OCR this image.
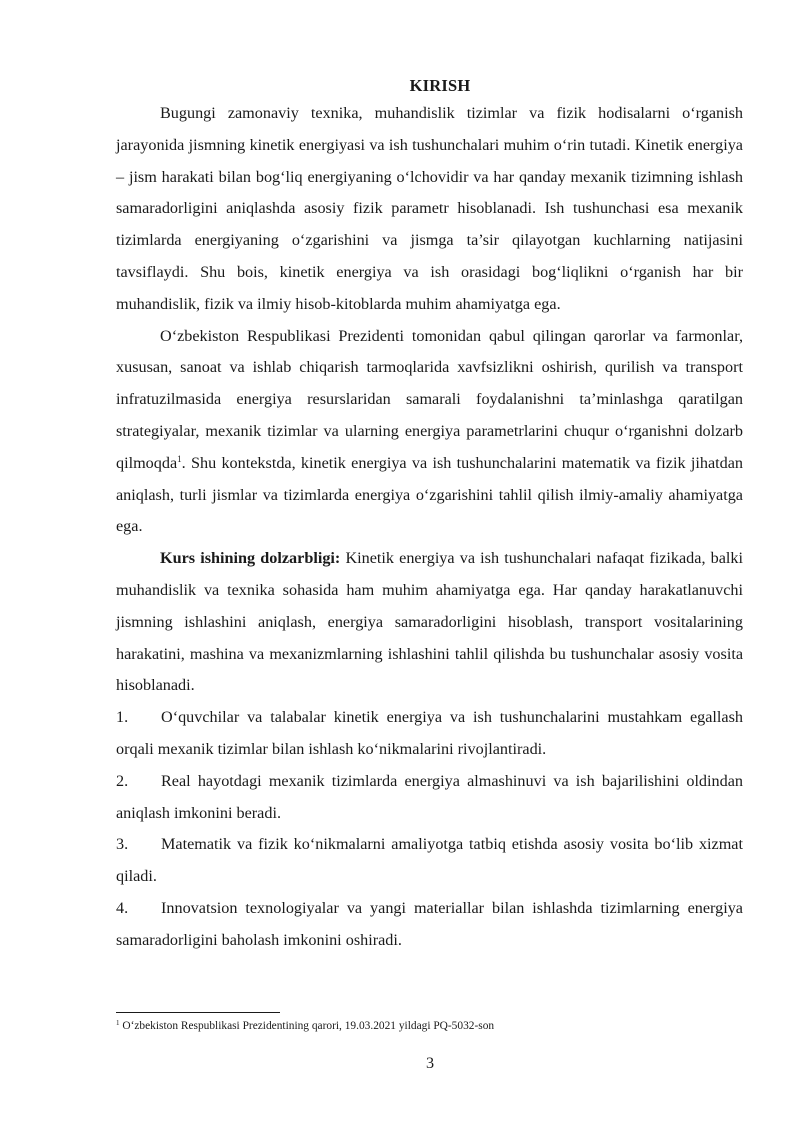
KIRISH

Bugungi zamonaviy texnika, muhandislik tizimlar va fizik hodisalarni o‘rganish jarayonida jismning kinetik energiyasi va ish tushunchalari muhim o‘rin tutadi. Kinetik energiya – jism harakati bilan bog‘liq energiyaning o‘lchovidir va har qanday mexanik tizimning ishlash samaradorligini aniqlashda asosiy fizik parametr hisoblanadi. Ish tushunchasi esa mexanik tizimlarda energiyaning o‘zgarishini va jismga ta’sir qilayotgan kuchlarning natijasini tavsiflaydi. Shu bois, kinetik energiya va ish orasidagi bog‘liqlikni o‘rganish har bir muhandislik, fizik va ilmiy hisob-kitoblarda muhim ahamiyatga ega.

O‘zbekiston Respublikasi Prezidenti tomonidan qabul qilingan qarorlar va farmonlar, xususan, sanoat va ishlab chiqarish tarmoqlarida xavfsizlikni oshirish, qurilish va transport infratuzilmasida energiya resurslaridan samarali foydalanishni ta’minlashga qaratilgan strategiyalar, mexanik tizimlar va ularning energiya parametrlarini chuqur o‘rganishni dolzarb qilmoqda$^1$. Shu kontekstda, kinetik energiya va ish tushunchalarini matematik va fizik jihatdan aniqlash, turli jismlar va tizimlarda energiya o‘zgarishini tahlil qilish ilmiy-amaliy ahamiyatga ega.

Kurs ishining dolzarbligi: Kinetik energiya va ish tushunchalari nafaqat fizikada, balki muhandislik va texnika sohasida ham muhim ahamiyatga ega. Har qanday harakatlanuvchi jismning ishlashini aniqlash, energiya samaradorligini hisoblash, transport vositalarining harakatini, mashina va mexanizmlarning ishlashini tahlil qilishda bu tushunchalar asosiy vosita hisoblanadi.

1. O‘quvchilar va talabalar kinetik energiya va ish tushunchalarini mustahkam egallash orqali mexanik tizimlar bilan ishlash ko‘nikmalarini rivojlantiradi.

2. Real hayotdagi mexanik tizimlarda energiya almashinuvi va ish bajarilishini oldindan aniqlash imkonini beradi.

3. Matematik va fizik ko‘nikmalarni amaliyotga tatbiq etishda asosiy vosita bo‘lib xizmat qiladi.

4. Innovatsion texnologiyalar va yangi materiallar bilan ishlashda tizimlarning energiya samaradorligini baholash imkonini oshiradi.

$^1$ O‘zbekiston Respublikasi Prezidentining qarori, 19.03.2021 yildagi PQ-5032-son
3
